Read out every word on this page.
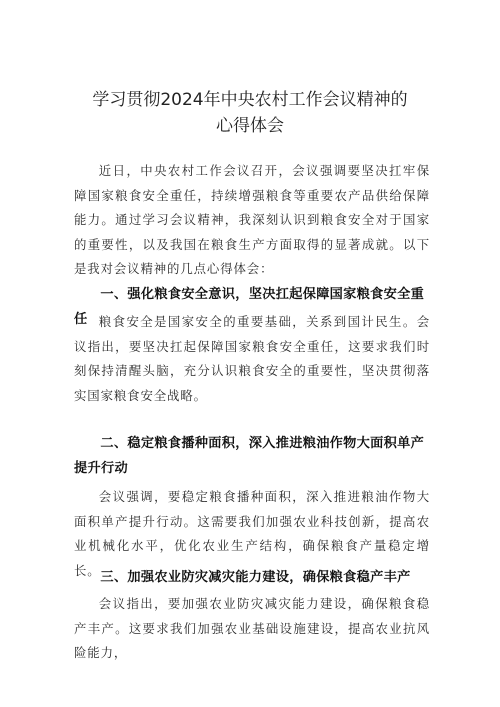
学习贯彻2024年中央农村工作会议精神的
心得体会
近日，中央农村工作会议召开，会议强调要坚决扛牢保障国家粮食安全重任，持续增强粮食等重要农产品供给保障能力。通过学习会议精神，我深刻认识到粮食安全对于国家的重要性，以及我国在粮食生产方面取得的显著成就。以下是我对会议精神的几点心得体会：
一、强化粮食安全意识，坚决扛起保障国家粮食安全重任 粮食安全是国家安全的重要基础，关系到国计民生。会议指出，要坚决扛起保障国家粮食安全重任，这要求我们时刻保持清醒头脑，充分认识粮食安全的重要性，坚决贯彻落实国家粮食安全战略。
二、稳定粮食播种面积，深入推进粮油作物大面积单产提升行动
会议强调，要稳定粮食播种面积，深入推进粮油作物大面积单产提升行动。这需要我们加强农业科技创新，提高农业机械化水平，优化农业生产结构，确保粮食产量稳定增长。 三、加强农业防灾减灾能力建设，确保粮食稳产丰产
会议指出，要加强农业防灾减灾能力建设，确保粮食稳产丰产。这要求我们加强农业基础设施建设，提高农业抗风险能力，
